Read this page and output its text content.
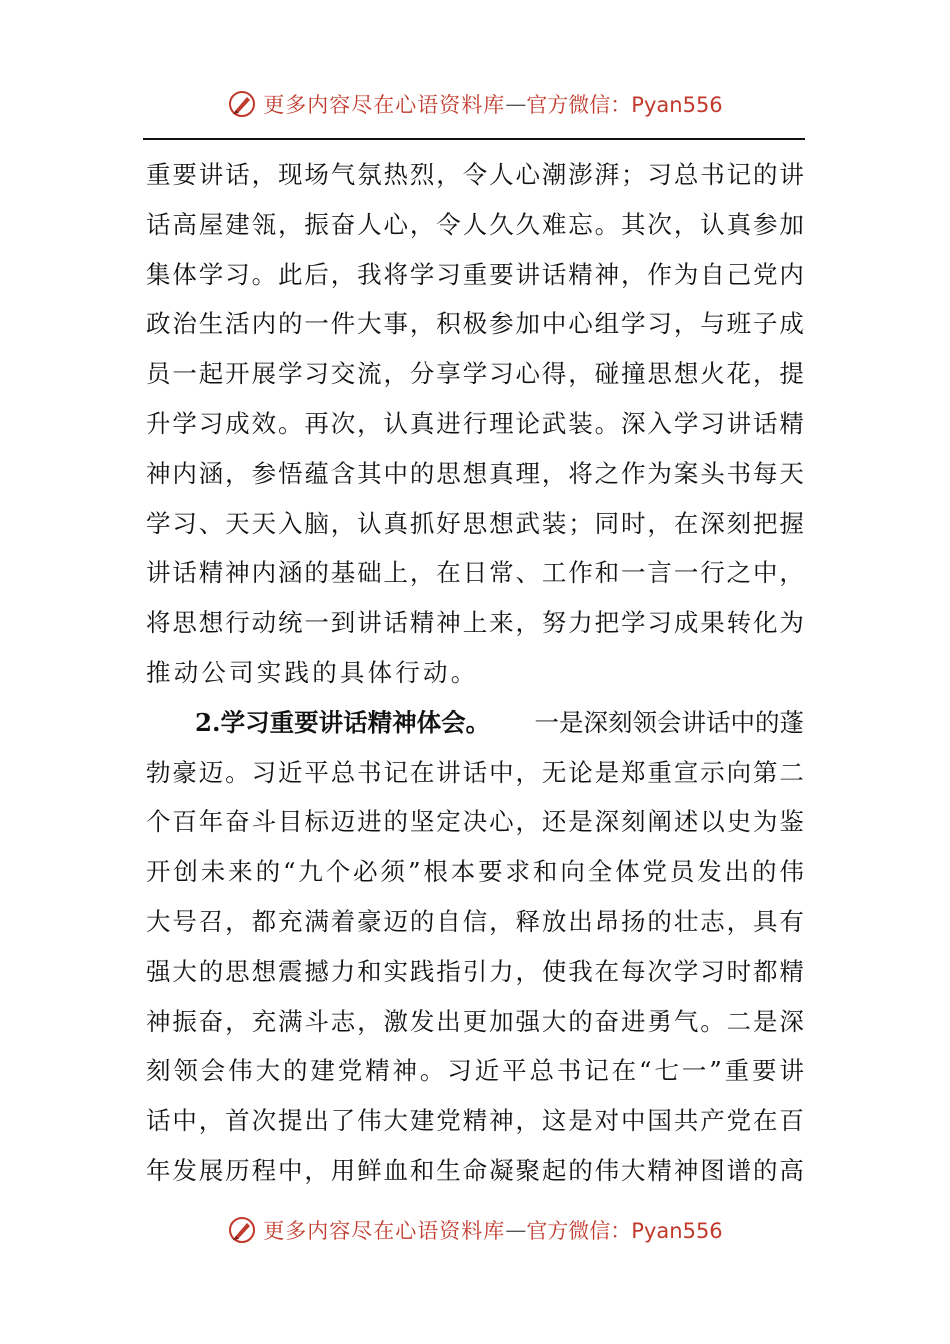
更多内容尽在心语资料库 — 官方微信：Pyan556
重 要 讲 话 ， 现 场 气 氛 热 烈 ， 令 人 心 潮 澎 湃 ； 习 总 书 记 的 讲
话 高 屋 建 瓴 ， 振 奋 人 心 ， 令 人 久 久 难 忘 。 其 次 ， 认 真 参 加
集 体 学 习 。 此 后 ， 我 将 学 习 重 要 讲 话 精 神 ， 作 为 自 己 党 内
政 治 生 活 内 的 一 件 大 事 ， 积 极 参 加 中 心 组 学 习 ， 与 班 子 成
员 一 起 开 展 学 习 交 流 ， 分 享 学 习 心 得 ， 碰 撞 思 想 火 花 ， 提
升 学 习 成 效 。 再 次 ， 认 真 进 行 理 论 武 装 。 深 入 学 习 讲 话 精
神 内 涵 ， 参 悟 蕴 含 其 中 的 思 想 真 理 ， 将 之 作 为 案 头 书 每 天
学 习 、 天 天 入 脑 ， 认 真 抓 好 思 想 武 装 ； 同 时 ， 在 深 刻 把 握
讲 话 精 神 内 涵 的 基 础 上 ， 在 日 常 、 工 作 和 一 言 一 行 之 中 ，
将 思 想 行 动 统 一 到 讲 话 精 神 上 来 ， 努 力 把 学 习 成 果 转 化 为
推动公司实践的具体行动。
2.学习重要讲话精神体会。 一是深刻领会讲话中的蓬
勃 豪 迈 。 习 近 平 总 书 记 在 讲 话 中 ， 无 论 是 郑 重 宣 示 向 第 二
个 百 年 奋 斗 目 标 迈 进 的 坚 定 决 心 ， 还 是 深 刻 阐 述 以 史 为 鉴
开 创 未 来 的 “ 九 个 必 须 ” 根 本 要 求 和 向 全 体 党 员 发 出 的 伟
大 号 召 ， 都 充 满 着 豪 迈 的 自 信 ， 释 放 出 昂 扬 的 壮 志 ， 具 有
强 大 的 思 想 震 撼 力 和 实 践 指 引 力 ， 使 我 在 每 次 学 习 时 都 精
神 振 奋 ， 充 满 斗 志 ， 激 发 出 更 加 强 大 的 奋 进 勇 气 。 二 是 深
刻 领 会 伟 大 的 建 党 精 神 。 习 近 平 总 书 记 在 “ 七 一 ” 重 要 讲
话 中 ， 首 次 提 出 了 伟 大 建 党 精 神 ， 这 是 对 中 国 共 产 党 在 百
年 发 展 历 程 中 ， 用 鲜 血 和 生 命 凝 聚 起 的 伟 大 精 神 图 谱 的 高
更多内容尽在心语资料库 — 官方微信：Pyan556
